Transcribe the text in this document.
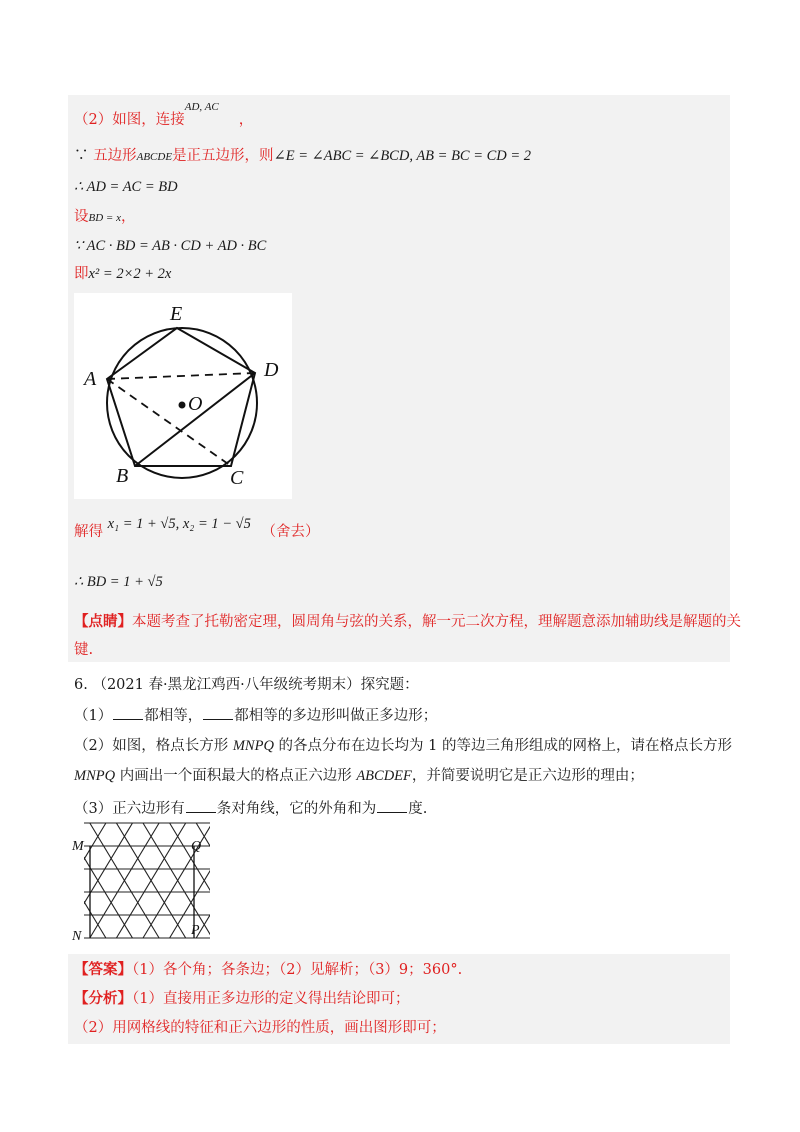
（2）如图，连接$^{AD, AC}$，
∵ 五边形ABCDE是正五边形，则∠E = ∠ABC = ∠BCD, AB = BC = CD = 2
∴ AD = AC = BD
设BD = x，
∵ AC · BD = AB · CD + AD · BC
即x² = 2×2 + 2x
E
A	D
O
B	C
解得 x₁ = 1 + √5, x₂ = 1 − √5 （舍去）
∴ BD = 1 + √5
【点睛】本题考查了托勒密定理，圆周角与弦的关系，解一元二次方程，理解题意添加辅助线是解题的关
键.
6. （2021 春·黑龙江鸡西·八年级统考期末）探究题：
（1） 都相等， 都相等的多边形叫做正多边形；
（2）如图，格点长方形 MNPQ 的各点分布在边长均为 1 的等边三角形组成的网格上，请在格点长方形
MNPQ 内画出一个面积最大的格点正六边形 ABCDEF，并简要说明它是正六边形的理由；
（3）正六边形有 条对角线，它的外角和为 度.
M	Q
N	P
【答案】（1）各个角；各条边；（2）见解析；（3）9；360°.
【分析】（1）直接用正多边形的定义得出结论即可；
（2）用网格线的特征和正六边形的性质，画出图形即可；
